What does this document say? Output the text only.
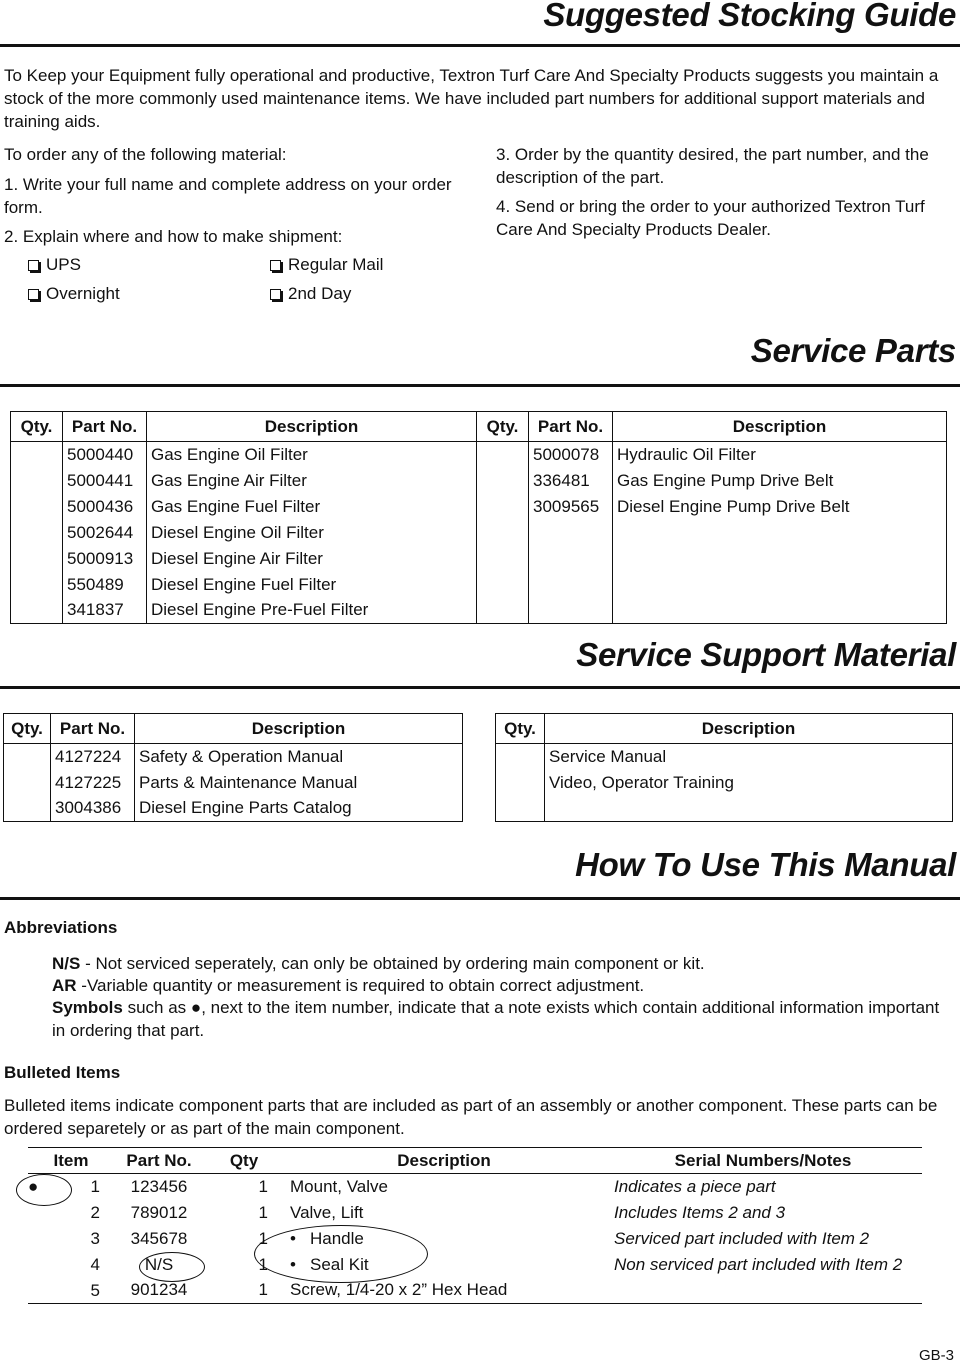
Suggested Stocking Guide
To Keep your Equipment fully operational and productive, Textron Turf Care And Specialty Products suggests you maintain a stock of the more commonly used maintenance items. We have included part numbers for additional support materials and training aids.
To order any of the following material:
1. Write your full name and complete address on your order form.
2. Explain where and how to make shipment:
3. Order by the quantity desired, the part number, and the description of the part.
4. Send or bring the order to your authorized Textron Turf Care And Specialty Products Dealer.
UPS	Regular Mail
Overnight	2nd Day
Service Parts
Qty.	Part No.	Description	Qty.	Part No.	Description
	5000440	Gas Engine Oil Filter		5000078	Hydraulic Oil Filter
	5000441	Gas Engine Air Filter		336481	Gas Engine Pump Drive Belt
	5000436	Gas Engine Fuel Filter		3009565	Diesel Engine Pump Drive Belt
	5002644	Diesel Engine Oil Filter			
	5000913	Diesel Engine Air Filter			
	550489	Diesel Engine Fuel Filter			
	341837	Diesel Engine Pre-Fuel Filter			
Service Support Material
Qty.	Part No.	Description
	4127224	Safety & Operation Manual
	4127225	Parts & Maintenance Manual
	3004386	Diesel Engine Parts Catalog
Qty.	Description
	Service Manual
	Video, Operator Training

How To Use This Manual
Abbreviations
N/S - Not serviced seperately, can only be obtained by ordering main component or kit.
AR -Variable quantity or measurement is required to obtain correct adjustment.
Symbols such as ●, next to the item number, indicate that a note exists which contain additional information important in ordering that part.
Bulleted Items
Bulleted items indicate component parts that are included as part of an assembly or another component. These parts can be ordered separetely or as part of the main component.
Item	Part No.	Qty	Description	Serial Numbers/Notes

● 1	123456	1	Mount, Valve	Indicates a piece part

2	789012	1	Valve, Lift	Includes Items 2 and 3

3	345678	1	• Handle	Serviced part included with Item 2

4	N/S	1	• Seal Kit	Non serviced part included with Item 2

5	901234	1	Screw, 1/4-20 x 2” Hex Head	
GB-3
